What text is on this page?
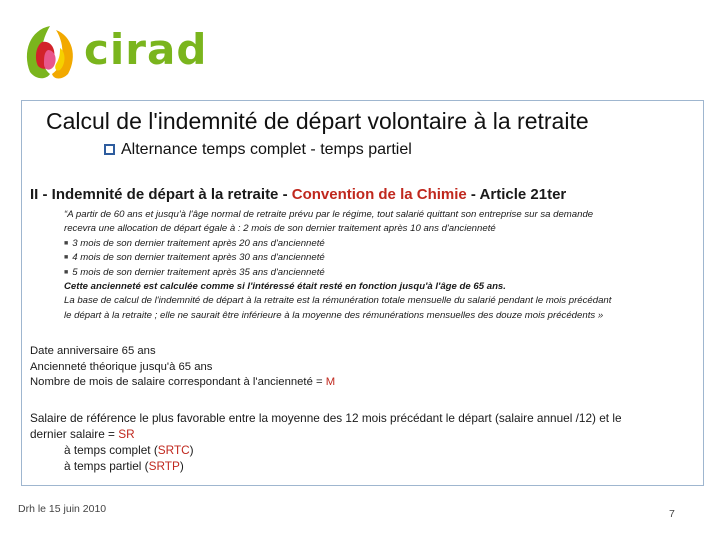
cirad
Calcul de l'indemnité de départ volontaire à la retraite
Alternance temps complet - temps partiel
II - Indemnité de départ à la retraite - Convention de la Chimie - Article 21ter
“A partir de 60 ans et jusqu'à l'âge normal de retraite prévu par le régime, tout salarié quittant son entreprise sur sa demande
recevra une allocation de départ égale à : 2 mois de son dernier traitement après 10 ans d'ancienneté
■ 3 mois de son dernier traitement après 20 ans d'ancienneté
■ 4 mois de son dernier traitement après 30 ans d'ancienneté
■ 5 mois de son dernier traitement après 35 ans d'ancienneté
Cette ancienneté est calculée comme si l'intéressé était resté en fonction jusqu'à l'âge de 65 ans.
La base de calcul de l'indemnité de départ à la retraite est la rémunération totale mensuelle du salarié pendant le mois précédant
le départ à la retraite ; elle ne saurait être inférieure à la moyenne des rémunérations mensuelles des douze mois précédents »
Date anniversaire 65 ans
Ancienneté théorique jusqu'à 65 ans
Nombre de mois de salaire correspondant à l'ancienneté = M
Salaire de référence le plus favorable entre la moyenne des 12 mois précédant le départ (salaire annuel /12) et le
dernier salaire = SR
à temps complet (SRTC)
à temps partiel (SRTP)
Drh le 15 juin 2010	7
